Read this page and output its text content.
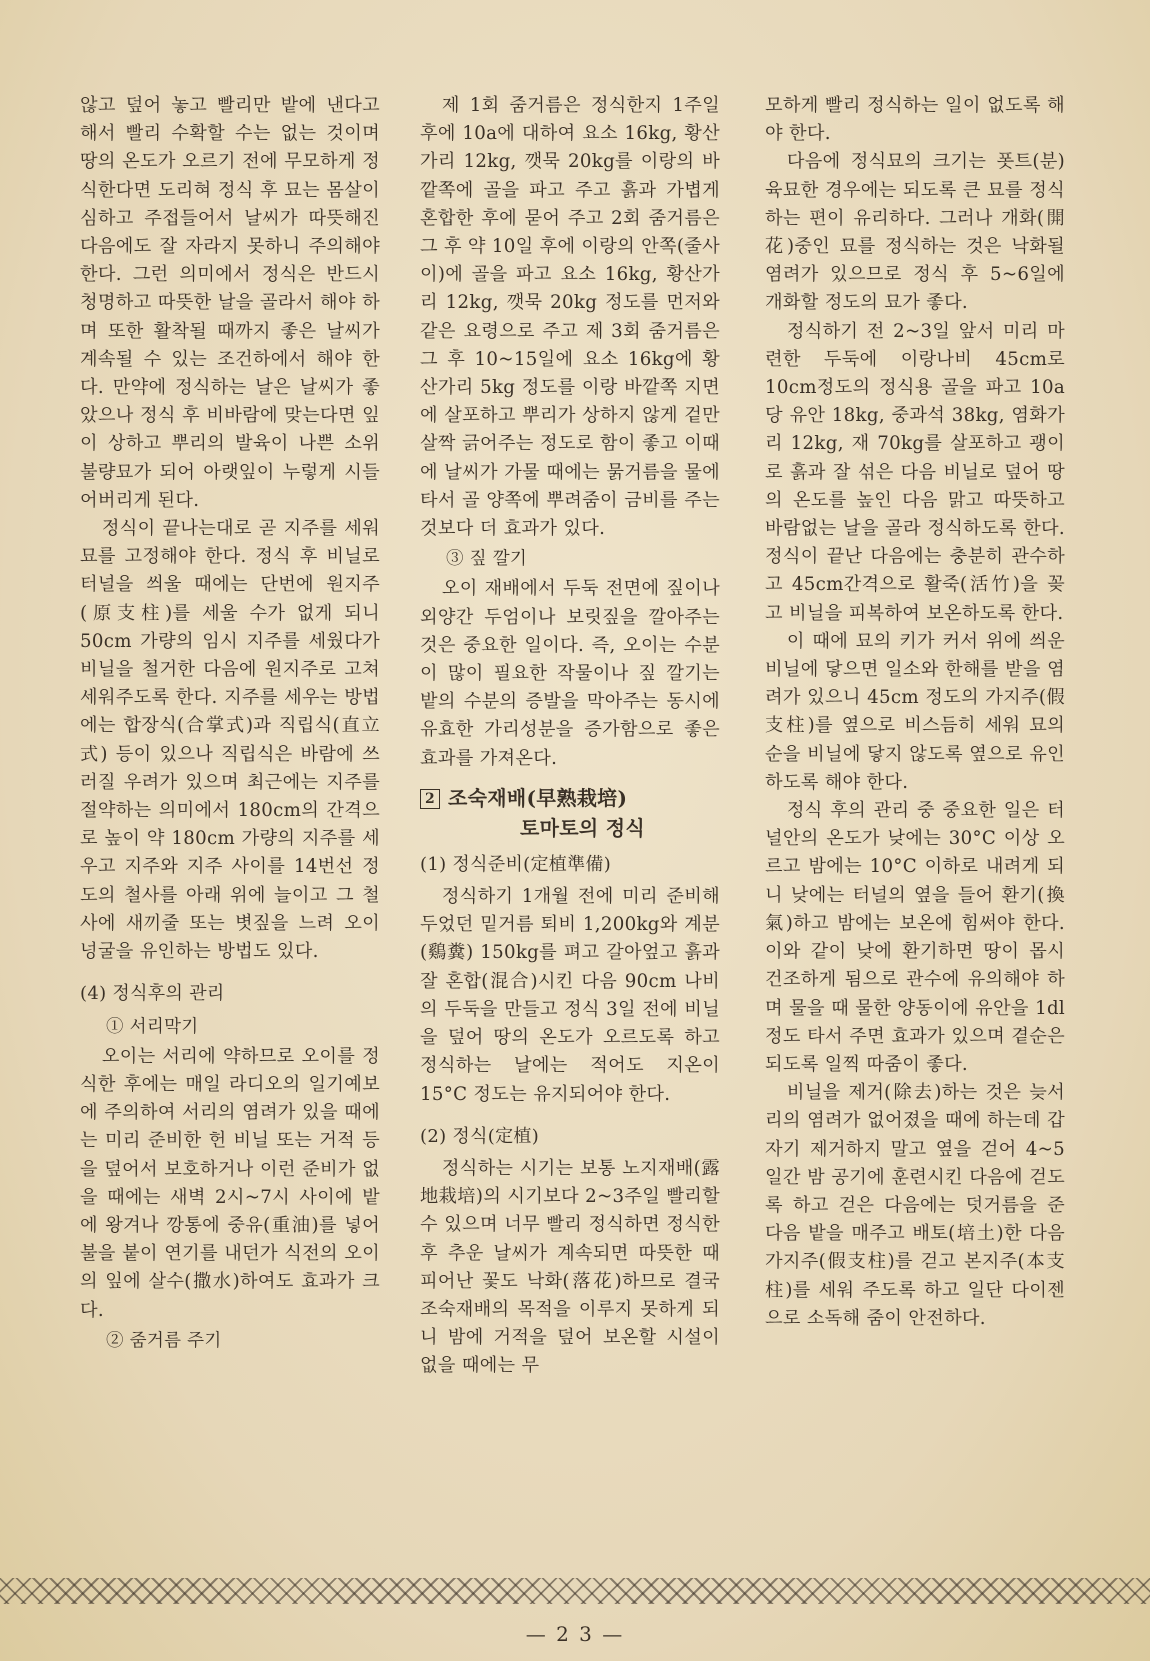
않고 덮어 놓고 빨리만 밭에 낸다고 해서 빨리 수확할 수는 없는 것이며 땅의 온도가 오르기 전에 무모하게 정식한다면 도리혀 정식 후 묘는 몸살이 심하고 주접들어서 날씨가 따뜻해진 다음에도 잘 자라지 못하니 주의해야 한다. 그런 의미에서 정식은 반드시 청명하고 따뜻한 날을 골라서 해야 하며 또한 활착될 때까지 좋은 날씨가 계속될 수 있는 조건하에서 해야 한다. 만약에 정식하는 날은 날씨가 좋았으나 정식 후 비바람에 맞는다면 잎이 상하고 뿌리의 발육이 나쁜 소위 불량묘가 되어 아랫잎이 누렇게 시들어버리게 된다.

정식이 끝나는대로 곧 지주를 세워 묘를 고정해야 한다. 정식 후 비닐로 터널을 씌울 때에는 단번에 원지주(原支柱)를 세울 수가 없게 되니 50cm 가량의 임시 지주를 세웠다가 비닐을 철거한 다음에 원지주로 고쳐 세워주도록 한다. 지주를 세우는 방법에는 합장식(合掌式)과 직립식(直立式) 등이 있으나 직립식은 바람에 쓰러질 우려가 있으며 최근에는 지주를 절약하는 의미에서 180cm의 간격으로 높이 약 180cm 가량의 지주를 세우고 지주와 지주 사이를 14번선 정도의 철사를 아래 위에 늘이고 그 철사에 새끼줄 또는 볏짚을 느려 오이 넝굴을 유인하는 방법도 있다.

(4) 정식후의 관리
① 서리막기

오이는 서리에 약하므로 오이를 정식한 후에는 매일 라디오의 일기예보에 주의하여 서리의 염려가 있을 때에는 미리 준비한 헌 비닐 또는 거적 등을 덮어서 보호하거나 이런 준비가 없을 때에는 새벽 2시~7시 사이에 밭에 왕겨나 깡통에 중유(重油)를 넣어 불을 붙이 연기를 내던가 식전의 오이의 잎에 살수(撒水)하여도 효과가 크다.

② 줌거름 주기

제 1회 줌거름은 정식한지 1주일 후에 10a에 대하여 요소 16kg, 황산가리 12kg, 깻묵 20kg를 이랑의 바깥쪽에 골을 파고 주고 흙과 가볍게 혼합한 후에 묻어 주고 2회 줌거름은 그 후 약 10일 후에 이랑의 안쪽(줄사이)에 골을 파고 요소 16kg, 황산가리 12kg, 깻묵 20kg 정도를 먼저와 같은 요령으로 주고 제 3회 줌거름은 그 후 10~15일에 요소 16kg에 황산가리 5kg 정도를 이랑 바깥쪽 지면에 살포하고 뿌리가 상하지 않게 겉만 살짝 긁어주는 정도로 함이 좋고 이때에 날씨가 가물 때에는 묽거름을 물에 타서 골 양쪽에 뿌려줌이 금비를 주는 것보다 더 효과가 있다.

③ 짚 깔기

오이 재배에서 두둑 전면에 짚이나 외양간 두엄이나 보릿짚을 깔아주는 것은 중요한 일이다. 즉, 오이는 수분이 많이 필요한 작물이나 짚 깔기는 밭의 수분의 증발을 막아주는 동시에 유효한 가리성분을 증가함으로 좋은 효과를 가져온다.

2 조숙재배(早熟栽培)
토마토의 정식
(1) 정식준비(定植準備)

정식하기 1개월 전에 미리 준비해 두었던 밑거름 퇴비 1,200kg와 계분(鷄糞) 150kg를 펴고 갈아엎고 흙과 잘 혼합(混合)시킨 다음 90cm 나비의 두둑을 만들고 정식 3일 전에 비닐을 덮어 땅의 온도가 오르도록 하고 정식하는 날에는 적어도 지온이 15°C 정도는 유지되어야 한다.

(2) 정식(定植)

정식하는 시기는 보통 노지재배(露地栽培)의 시기보다 2~3주일 빨리할 수 있으며 너무 빨리 정식하면 정식한 후 추운 날씨가 계속되면 따뜻한 때 피어난 꽃도 낙화(落花)하므로 결국 조숙재배의 목적을 이루지 못하게 되니 밤에 거적을 덮어 보온할 시설이 없을 때에는 무

모하게 빨리 정식하는 일이 없도록 해야 한다.

다음에 정식묘의 크기는 폿트(분) 육묘한 경우에는 되도록 큰 묘를 정식하는 편이 유리하다. 그러나 개화(開花)중인 묘를 정식하는 것은 낙화될 염려가 있으므로 정식 후 5~6일에 개화할 정도의 묘가 좋다.

정식하기 전 2~3일 앞서 미리 마련한 두둑에 이랑나비 45cm로 10cm정도의 정식용 골을 파고 10a당 유안 18kg, 중과석 38kg, 염화가리 12kg, 재 70kg를 살포하고 괭이로 흙과 잘 섞은 다음 비닐로 덮어 땅의 온도를 높인 다음 맑고 따뜻하고 바람없는 날을 골라 정식하도록 한다. 정식이 끝난 다음에는 충분히 관수하고 45cm간격으로 활죽(活竹)을 꽂고 비닐을 피복하여 보온하도록 한다.

이 때에 묘의 키가 커서 위에 씌운 비닐에 닿으면 일소와 한해를 받을 염려가 있으니 45cm 정도의 가지주(假支柱)를 옆으로 비스듬히 세워 묘의 순을 비닐에 닿지 않도록 옆으로 유인 하도록 해야 한다.

정식 후의 관리 중 중요한 일은 터널안의 온도가 낮에는 30°C 이상 오르고 밤에는 10°C 이하로 내려게 되니 낮에는 터널의 옆을 들어 환기(換氣)하고 밤에는 보온에 힘써야 한다. 이와 같이 낮에 환기하면 땅이 몹시 건조하게 됨으로 관수에 유의해야 하며 물을 때 물한 양동이에 유안을 1dl정도 타서 주면 효과가 있으며 곁순은 되도록 일찍 따줌이 좋다.

비닐을 제거(除去)하는 것은 늦서리의 염려가 없어졌을 때에 하는데 갑자기 제거하지 말고 옆을 걷어 4~5일간 밤 공기에 훈련시킨 다음에 걷도록 하고 걷은 다음에는 덧거름을 준 다음 밭을 매주고 배토(培土)한 다음 가지주(假支柱)를 걷고 본지주(本支柱)를 세워 주도록 하고 일단 다이젠으로 소독해 줌이 안전하다.

— 2 3 —
